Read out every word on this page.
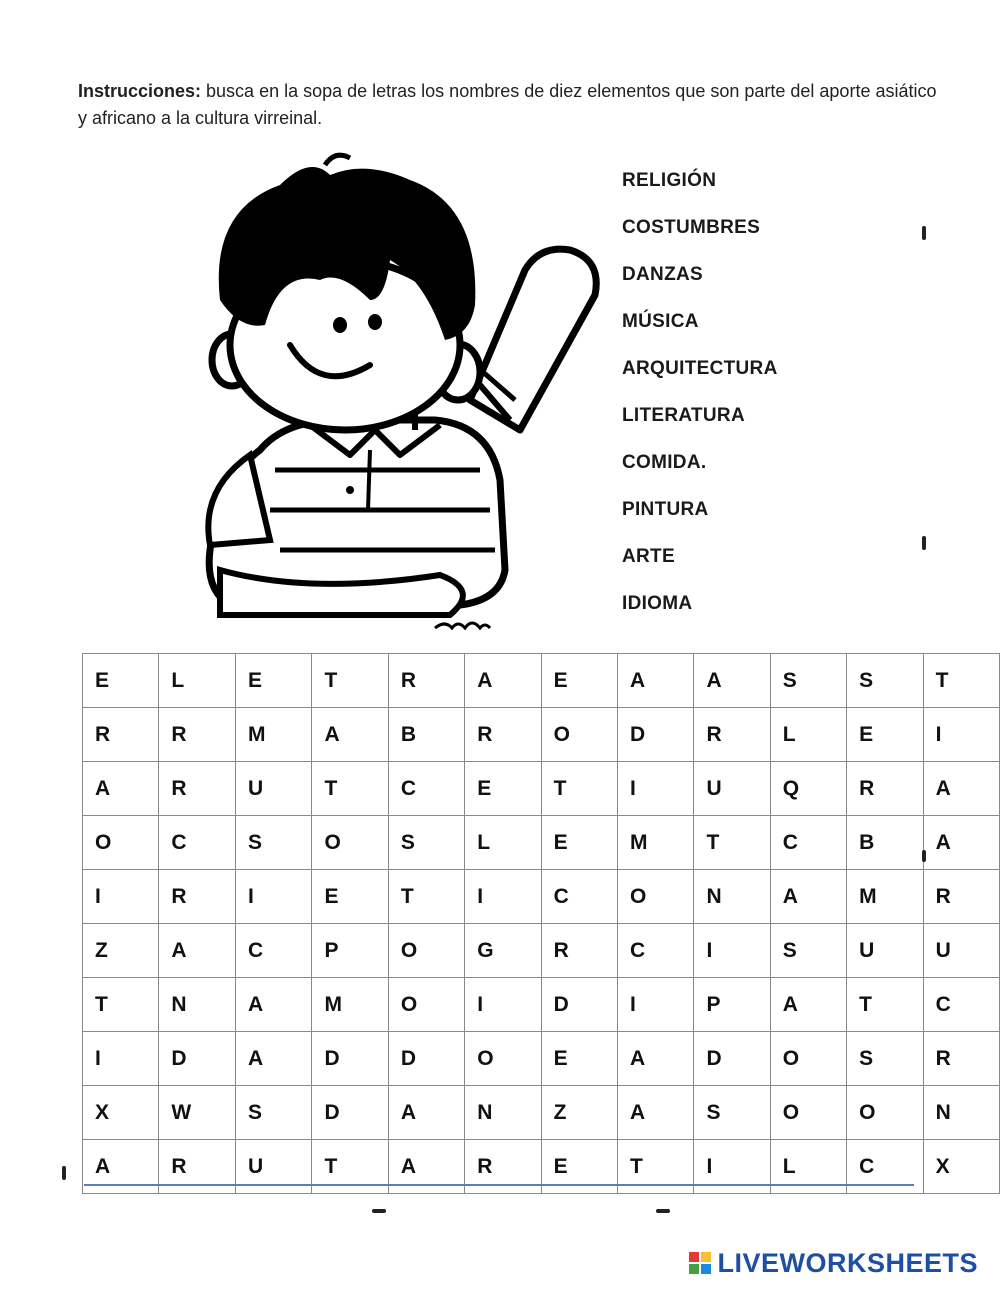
Instrucciones: busca en la sopa de letras los nombres de diez elementos que son parte del aporte asiático y africano a la cultura virreinal.
RELIGIÓN
COSTUMBRES
DANZAS
MÚSICA
ARQUITECTURA
LITERATURA
COMIDA.
PINTURA
ARTE
IDIOMA
E	L	E	T	R	A	E	A	A	S	S	T
R	R	M	A	B	R	O	D	R	L	E	I
A	R	U	T	C	E	T	I	U	Q	R	A
O	C	S	O	S	L	E	M	T	C	B	A
I	R	I	E	T	I	C	O	N	A	M	R
Z	A	C	P	O	G	R	C	I	S	U	U
T	N	A	M	O	I	D	I	P	A	T	C
I	D	A	D	D	O	E	A	D	O	S	R
X	W	S	D	A	N	Z	A	S	O	O	N
A	R	U	T	A	R	E	T	I	L	C	X
LIVEWORKSHEETS
